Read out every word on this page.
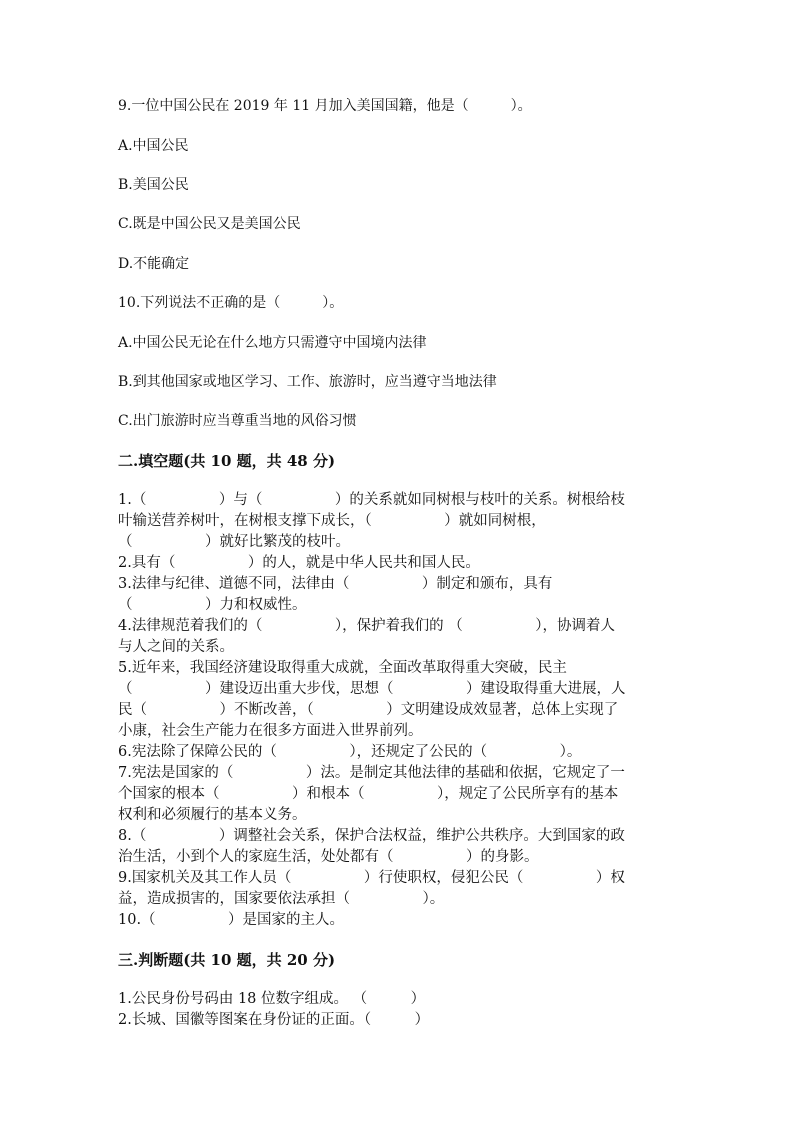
9.一位中国公民在 2019 年 11 月加入美国国籍，他是（　　　）。
A.中国公民
B.美国公民
C.既是中国公民又是美国公民
D.不能确定
10.下列说法不正确的是（　　　）。
A.中国公民无论在什么地方只需遵守中国境内法律
B.到其他国家或地区学习、工作、旅游时，应当遵守当地法律
C.出门旅游时应当尊重当地的风俗习惯
二.填空题(共 10 题，共 48 分)
1.（　　　　　）与（　　　　　）的关系就如同树根与枝叶的关系。树根给枝
叶输送营养树叶，在树根支撑下成长，（　　　　　）就如同树根，
（　　　　　）就好比繁茂的枝叶。
2.具有（　　　　　）的人，就是中华人民共和国人民。
3.法律与纪律、道德不同，法律由（　　　　　）制定和颁布，具有
（　　　　　）力和权威性。
4.法律规范着我们的（　　　　　），保护着我们的 （　　　　　），协调着人
与人之间的关系。
5.近年来，我国经济建设取得重大成就，全面改革取得重大突破，民主
（　　　　　）建设迈出重大步伐，思想（　　　　　）建设取得重大进展，人
民（　　　　　）不断改善，（　　　　　）文明建设成效显著，总体上实现了
小康，社会生产能力在很多方面进入世界前列。
6.宪法除了保障公民的（　　　　　），还规定了公民的（　　　　　）。
7.宪法是国家的（　　　　　）法。是制定其他法律的基础和依据，它规定了一
个国家的根本（　　　　　）和根本（　　　　　），规定了公民所享有的基本
权利和必须履行的基本义务。
8.（　　　　　）调整社会关系，保护合法权益，维护公共秩序。大到国家的政
治生活，小到个人的家庭生活，处处都有（　　　　　）的身影。
9.国家机关及其工作人员（　　　　　）行使职权，侵犯公民（　　　　　）权
益，造成损害的，国家要依法承担（　　　　　）。
10.（　　　　　）是国家的主人。
三.判断题(共 10 题，共 20 分)
1.公民身份号码由 18 位数字组成。 （　　　）
2.长城、国徽等图案在身份证的正面。（　　　）
